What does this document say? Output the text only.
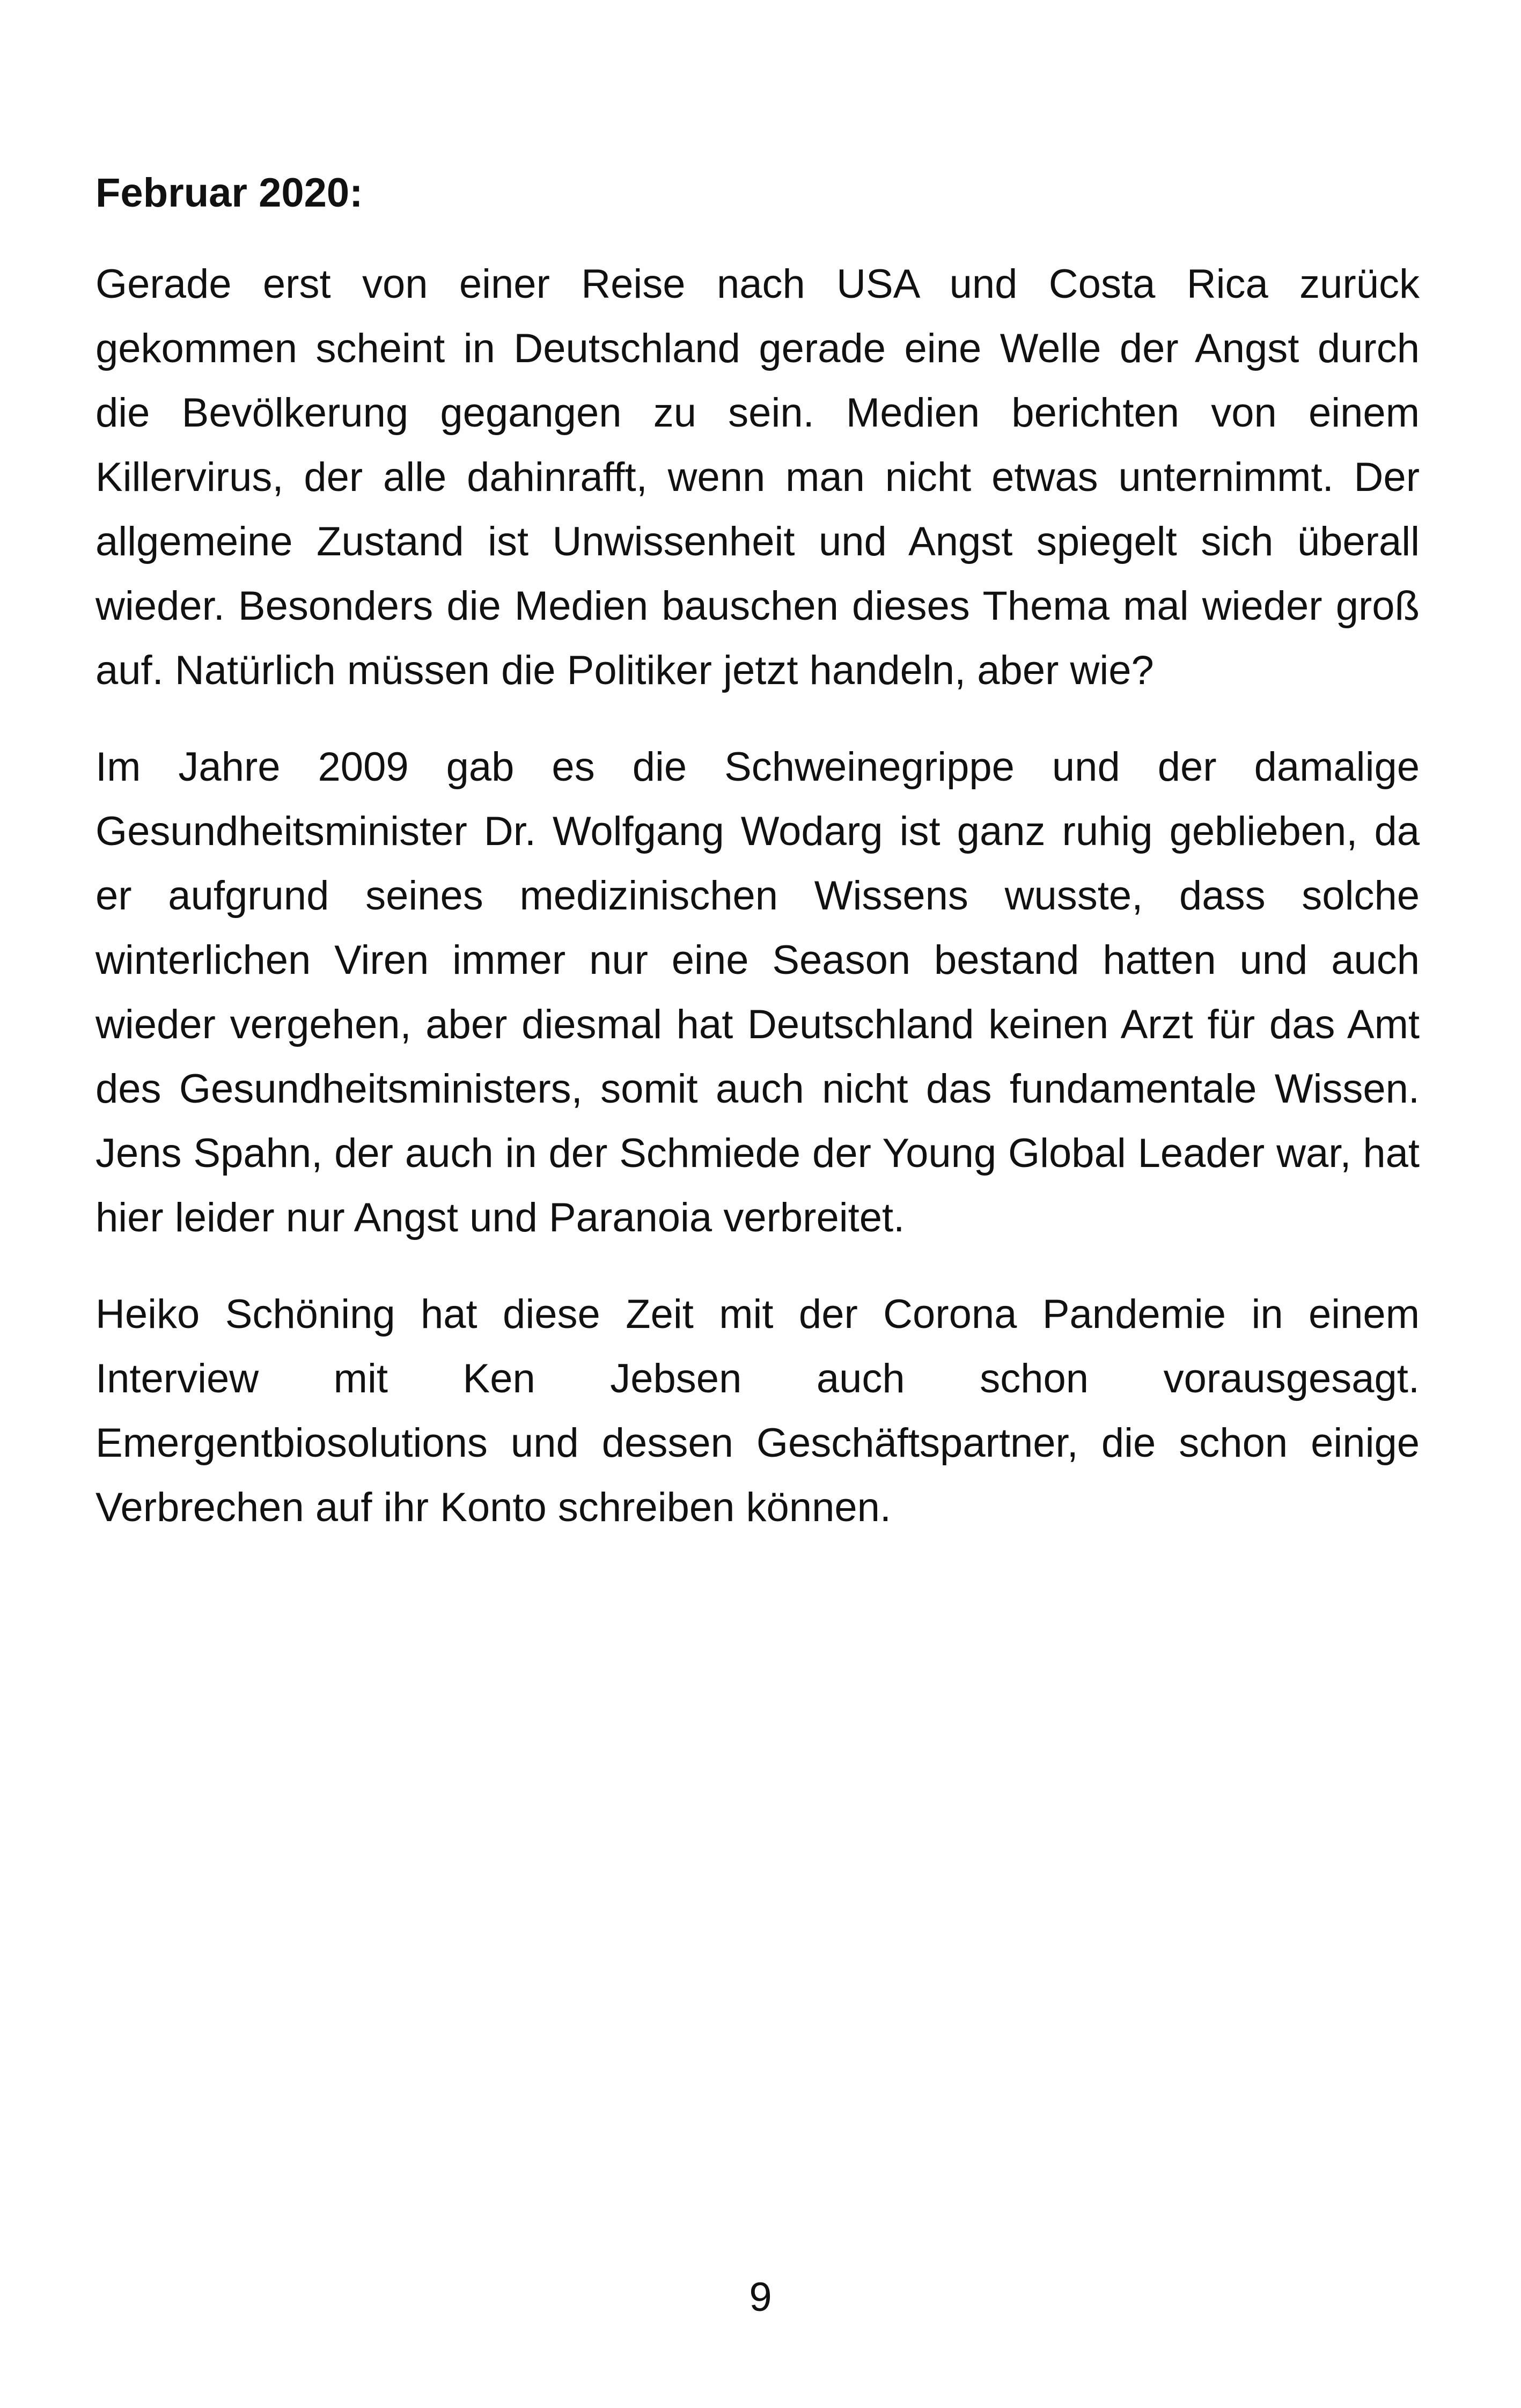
Februar 2020:

Gerade erst von einer Reise nach USA und Costa Rica zurück gekommen scheint in Deutschland gerade eine Welle der Angst durch die Bevölkerung gegangen zu sein. Medien berichten von einem Killervirus, der alle dahinrafft, wenn man nicht etwas unternimmt. Der allgemeine Zustand ist Unwissenheit und Angst spiegelt sich überall wieder. Besonders die Medien bauschen dieses Thema mal wieder groß auf. Natürlich müssen die Politiker jetzt handeln, aber wie?

Im Jahre 2009 gab es die Schweinegrippe und der damalige Gesundheitsminister Dr. Wolfgang Wodarg ist ganz ruhig geblieben, da er aufgrund seines medizinischen Wissens wusste, dass solche winterlichen Viren immer nur eine Season bestand hatten und auch wieder vergehen, aber diesmal hat Deutschland keinen Arzt für das Amt des Gesundheitsministers, somit auch nicht das fundamentale Wissen. Jens Spahn, der auch in der Schmiede der Young Global Leader war, hat hier leider nur Angst und Paranoia verbreitet.

Heiko Schöning hat diese Zeit mit der Corona Pandemie in einem Interview mit Ken Jebsen auch schon vorausgesagt. Emergentbiosolutions und dessen Geschäftspartner, die schon einige Verbrechen auf ihr Konto schreiben können.

9
